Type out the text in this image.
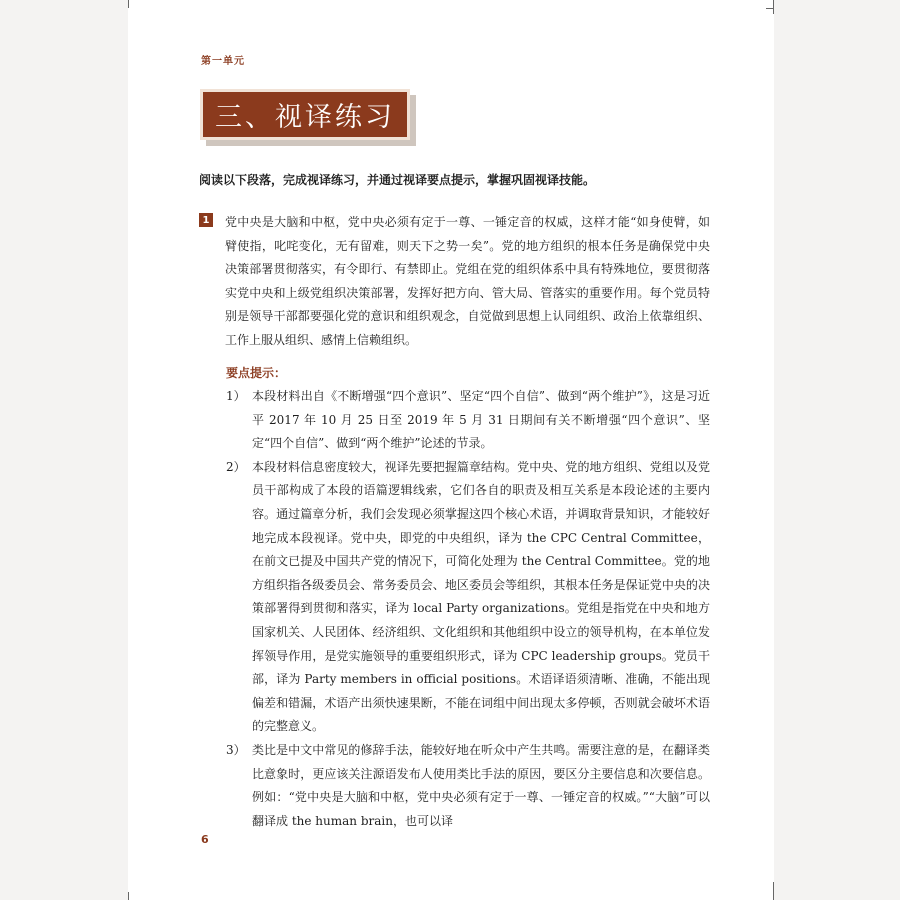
第一单元
三、视译练习
阅读以下段落，完成视译练习，并通过视译要点提示，掌握巩固视译技能。
1 党中央是大脑和中枢，党中央必须有定于一尊、一锤定音的权威，这样才能“如身使臂，如臂使指，叱咤变化，无有留难，则天下之势一矣”。党的地方组织的根本任务是确保党中央决策部署贯彻落实，有令即行、有禁即止。党组在党的组织体系中具有特殊地位，要贯彻落实党中央和上级党组织决策部署，发挥好把方向、管大局、管落实的重要作用。每个党员特别是领导干部都要强化党的意识和组织观念，自觉做到思想上认同组织、政治上依靠组织、工作上服从组织、感情上信赖组织。
要点提示：
1） 本段材料出自《不断增强“四个意识”、坚定“四个自信”、做到“两个维护”》，这是习近平 2017 年 10 月 25 日至 2019 年 5 月 31 日期间有关不断增强“四个意识”、坚定“四个自信”、做到“两个维护”论述的节录。
2） 本段材料信息密度较大，视译先要把握篇章结构。党中央、党的地方组织、党组以及党员干部构成了本段的语篇逻辑线索，它们各自的职责及相互关系是本段论述的主要内容。通过篇章分析，我们会发现必须掌握这四个核心术语，并调取背景知识，才能较好地完成本段视译。党中央，即党的中央组织，译为 the CPC Central Committee，在前文已提及中国共产党的情况下，可简化处理为 the Central Committee。党的地方组织指各级委员会、常务委员会、地区委员会等组织，其根本任务是保证党中央的决策部署得到贯彻和落实，译为 local Party organizations。党组是指党在中央和地方国家机关、人民团体、经济组织、文化组织和其他组织中设立的领导机构，在本单位发挥领导作用，是党实施领导的重要组织形式，译为 CPC leadership groups。党员干部，译为 Party members in official positions。术语译语须清晰、准确，不能出现偏差和错漏，术语产出须快速果断，不能在词组中间出现太多停顿，否则就会破坏术语的完整意义。
3） 类比是中文中常见的修辞手法，能较好地在听众中产生共鸣。需要注意的是，在翻译类比意象时，更应该关注源语发布人使用类比手法的原因，要区分主要信息和次要信息。例如：“党中央是大脑和中枢，党中央必须有定于一尊、一锤定音的权威。”“大脑”可以翻译成 the human brain，也可以译
6
